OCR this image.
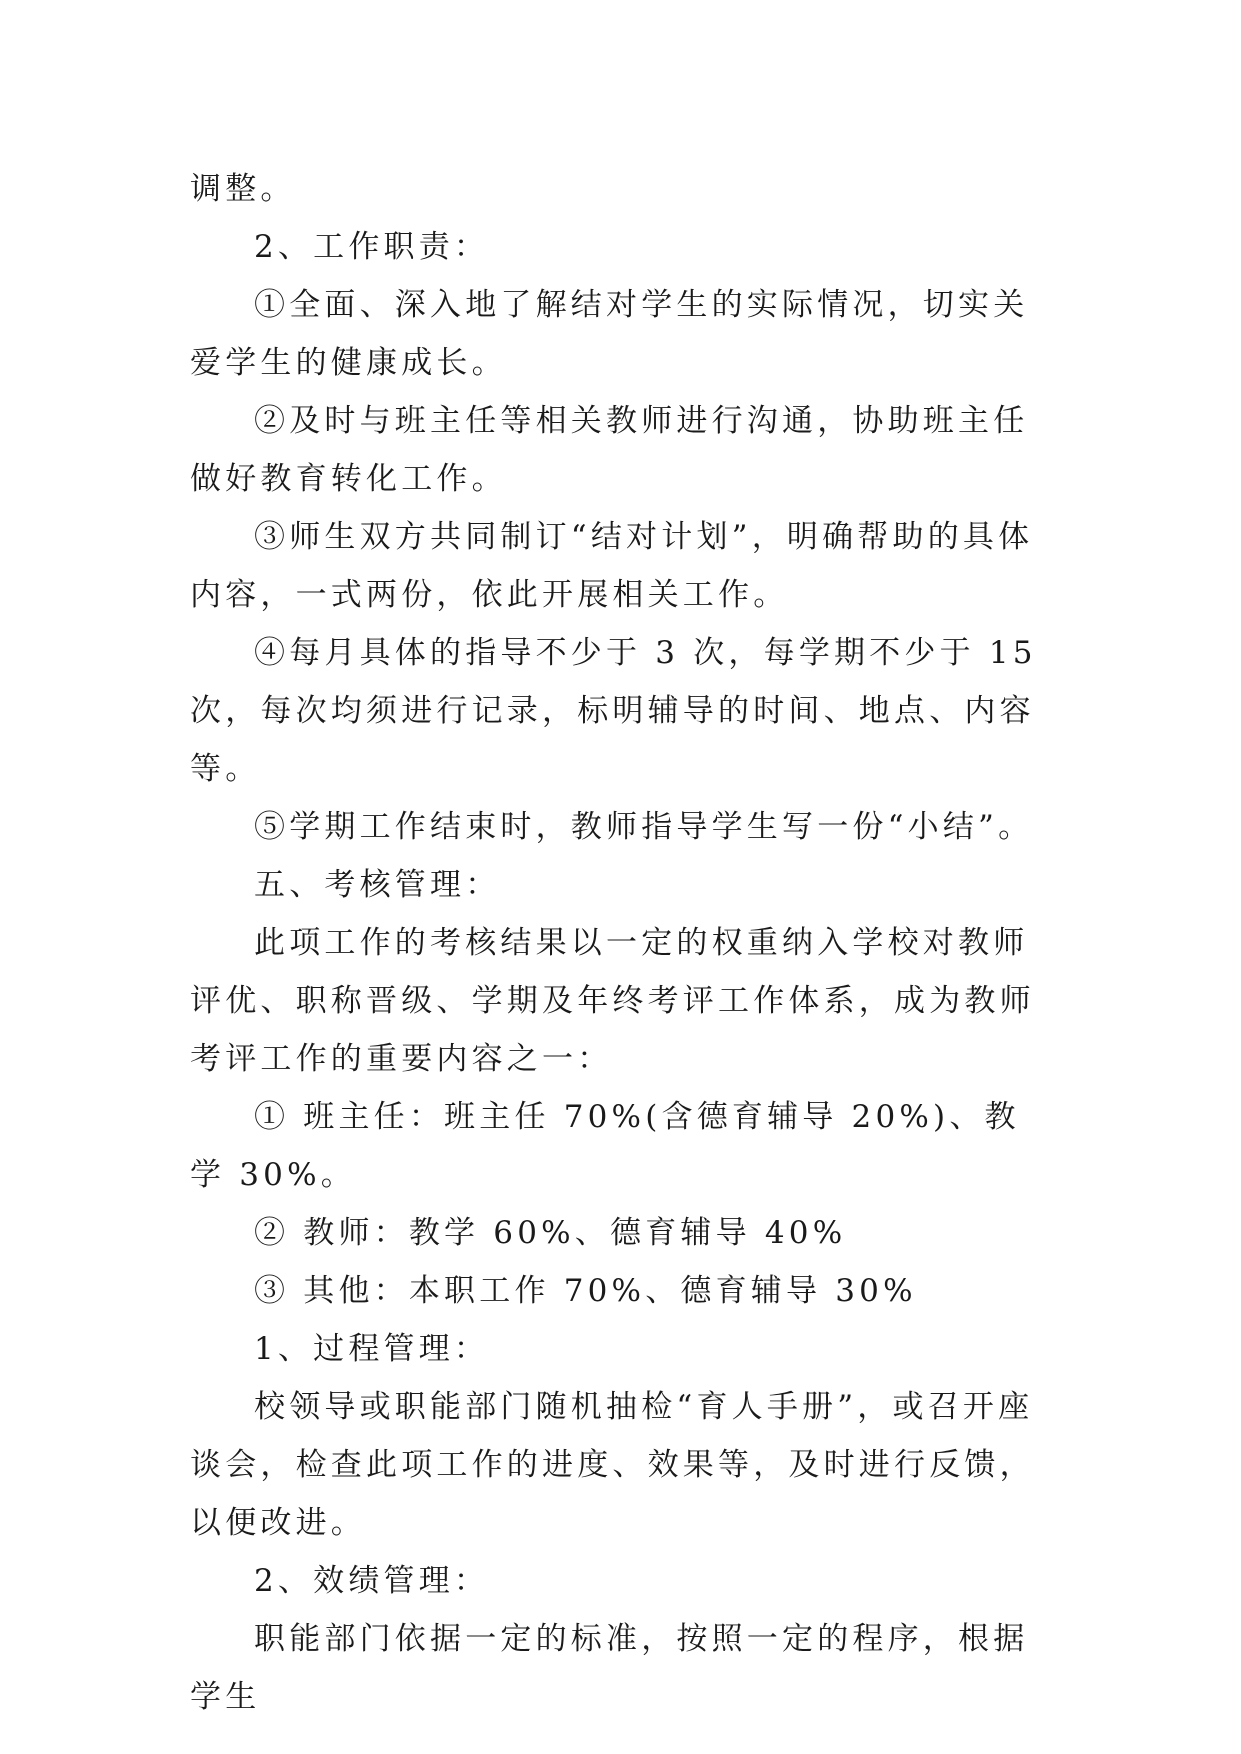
调整。

2、工作职责：

①全面、深入地了解结对学生的实际情况，切实关爱学生的健康成长。

②及时与班主任等相关教师进行沟通，协助班主任做好教育转化工作。

③师生双方共同制订“结对计划”，明确帮助的具体内容，一式两份，依此开展相关工作。

④每月具体的指导不少于 3 次，每学期不少于 15 次，每次均须进行记录，标明辅导的时间、地点、内容等。

⑤学期工作结束时，教师指导学生写一份“小结”。

五、考核管理：

此项工作的考核结果以一定的权重纳入学校对教师评优、职称晋级、学期及年终考评工作体系，成为教师考评工作的重要内容之一：

① 班主任：班主任 70%(含德育辅导 20%)、教学 30%。

② 教师：教学 60%、德育辅导 40%

③ 其他：本职工作 70%、德育辅导 30%

1、过程管理：

校领导或职能部门随机抽检“育人手册”，或召开座谈会，检查此项工作的进度、效果等，及时进行反馈，以便改进。

2、效绩管理：

职能部门依据一定的标准，按照一定的程序，根据学生
